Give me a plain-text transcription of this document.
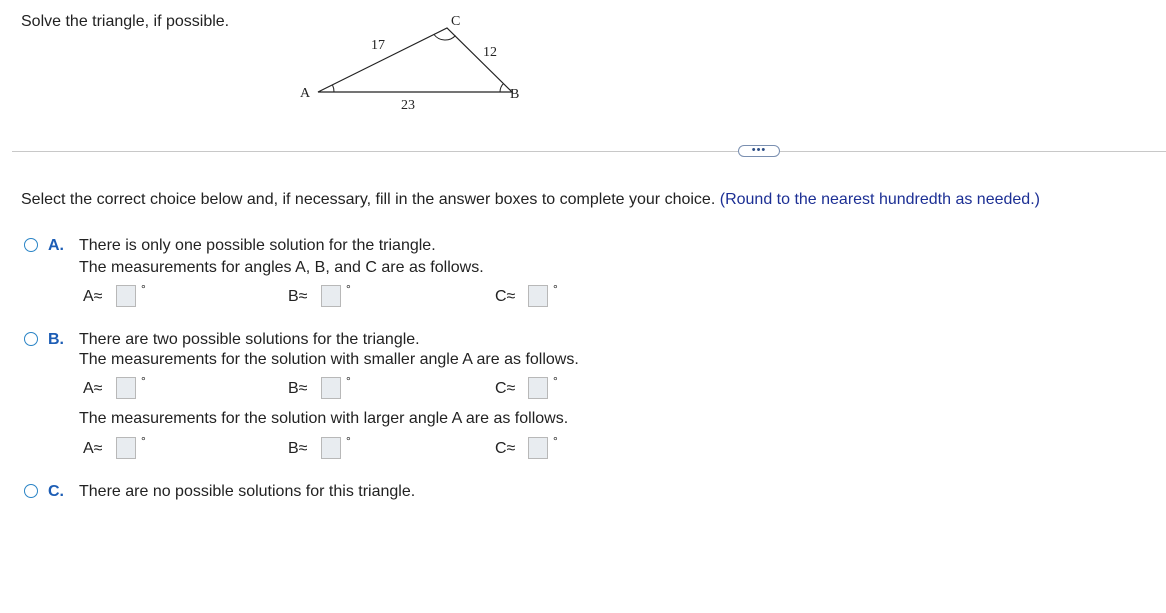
Solve the triangle, if possible.
A	B
C
17	12
23
•••
Select the correct choice below and, if necessary, fill in the answer boxes to complete your choice. (Round to the nearest hundredth as needed.)
A. There is only one possible solution for the triangle.
The measurements for angles A, B, and C are as follows.
A≈	°	B≈	°	C≈	°
B. There are two possible solutions for the triangle.
The measurements for the solution with smaller angle A are as follows.
A≈	°	B≈	°	C≈	°
The measurements for the solution with larger angle A are as follows.
A≈	°	B≈	°	C≈	°
C. There are no possible solutions for this triangle.
